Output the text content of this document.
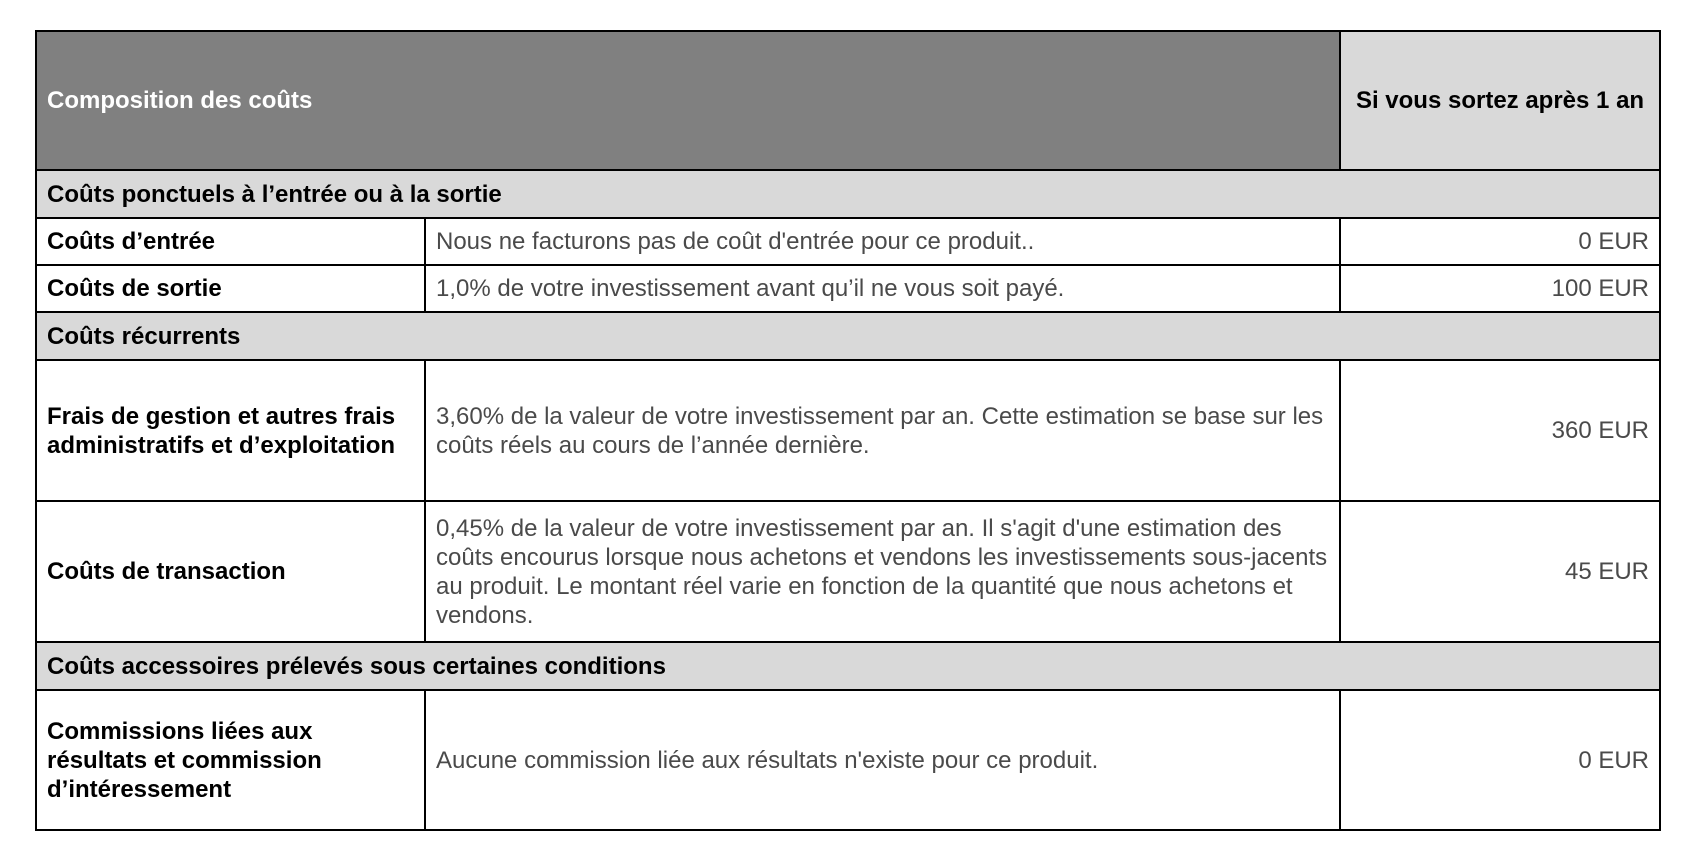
Composition des coûts		Si vous sortez après 1 an
Coûts ponctuels à l’entrée ou à la sortie		
Coûts d’entrée	Nous ne facturons pas de coût d'entrée pour ce produit..	0 EUR
Coûts de sortie	1,0% de votre investissement avant qu’il ne vous soit payé.	100 EUR
Coûts récurrents		
Frais de gestion et autres frais administratifs et d’exploitation	3,60% de la valeur de votre investissement par an. Cette estimation se base sur les coûts réels au cours de l’année dernière.	360 EUR
Coûts de transaction	0,45% de la valeur de votre investissement par an. Il s'agit d'une estimation des coûts encourus lorsque nous achetons et vendons les investissements sous-jacents au produit. Le montant réel varie en fonction de la quantité que nous achetons et vendons.	45 EUR
Coûts accessoires prélevés sous certaines conditions		
Commissions liées aux résultats et commission d’intéressement	Aucune commission liée aux résultats n'existe pour ce produit.	0 EUR
